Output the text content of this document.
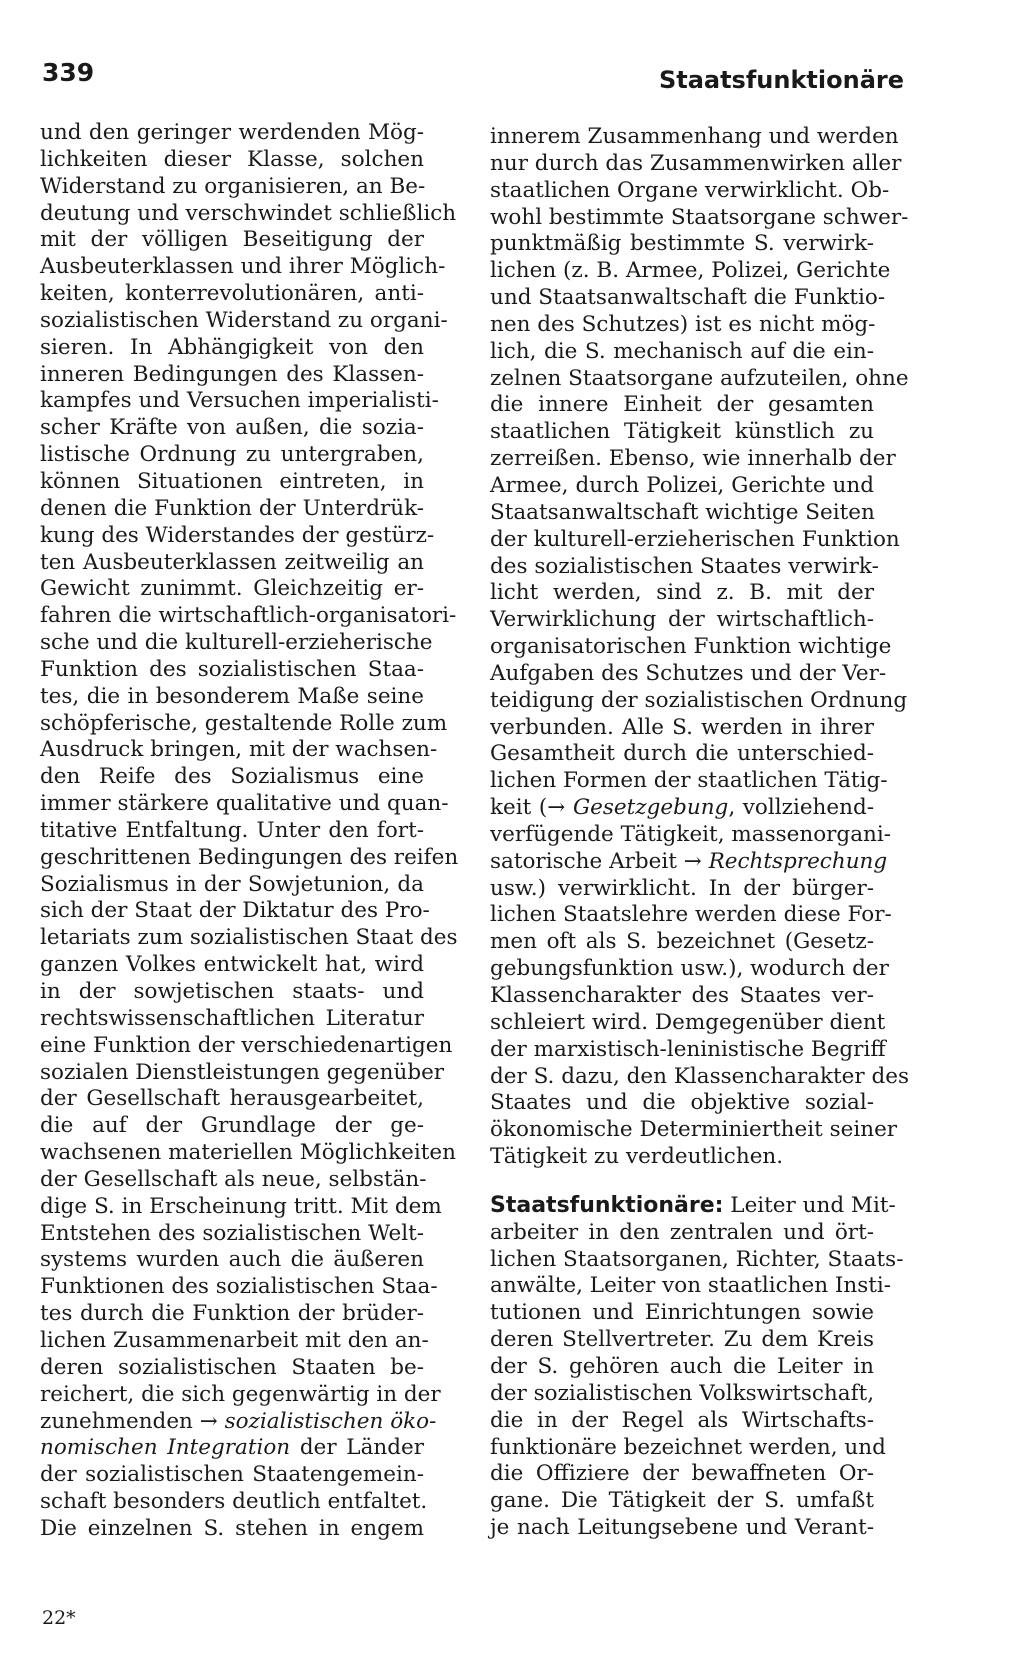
339	Staatsfunktionäre
und den geringer werdenden Mög-
lichkeiten dieser Klasse, solchen
Widerstand zu organisieren, an Be-
deutung und verschwindet schließlich
mit der völligen Beseitigung der
Ausbeuterklassen und ihrer Möglich-
keiten, konterrevolutionären, anti-
sozialistischen Widerstand zu organi-
sieren. In Abhängigkeit von den
inneren Bedingungen des Klassen-
kampfes und Versuchen imperialisti-
scher Kräfte von außen, die sozia-
listische Ordnung zu untergraben,
können Situationen eintreten, in
denen die Funktion der Unterdrük-
kung des Widerstandes der gestürz-
ten Ausbeuterklassen zeitweilig an
Gewicht zunimmt. Gleichzeitig er-
fahren die wirtschaftlich-organisatori-
sche und die kulturell-erzieherische
Funktion des sozialistischen Staa-
tes, die in besonderem Maße seine
schöpferische, gestaltende Rolle zum
Ausdruck bringen, mit der wachsen-
den Reife des Sozialismus eine
immer stärkere qualitative und quan-
titative Entfaltung. Unter den fort-
geschrittenen Bedingungen des reifen
Sozialismus in der Sowjetunion, da
sich der Staat der Diktatur des Pro-
letariats zum sozialistischen Staat des
ganzen Volkes entwickelt hat, wird
in der sowjetischen staats- und
rechtswissenschaftlichen Literatur
eine Funktion der verschiedenartigen
sozialen Dienstleistungen gegenüber
der Gesellschaft herausgearbeitet,
die auf der Grundlage der ge-
wachsenen materiellen Möglichkeiten
der Gesellschaft als neue, selbstän-
dige S. in Erscheinung tritt. Mit dem
Entstehen des sozialistischen Welt-
systems wurden auch die äußeren
Funktionen des sozialistischen Staa-
tes durch die Funktion der brüder-
lichen Zusammenarbeit mit den an-
deren sozialistischen Staaten be-
reichert, die sich gegenwärtig in der
zunehmenden → sozialistischen öko-
nomischen Integration der Länder
der sozialistischen Staatengemein-
schaft besonders deutlich entfaltet.
Die einzelnen S. stehen in engem
innerem Zusammenhang und werden
nur durch das Zusammenwirken aller
staatlichen Organe verwirklicht. Ob-
wohl bestimmte Staatsorgane schwer-
punktmäßig bestimmte S. verwirk-
lichen (z. B. Armee, Polizei, Gerichte
und Staatsanwaltschaft die Funktio-
nen des Schutzes) ist es nicht mög-
lich, die S. mechanisch auf die ein-
zelnen Staatsorgane aufzuteilen, ohne
die innere Einheit der gesamten
staatlichen Tätigkeit künstlich zu
zerreißen. Ebenso, wie innerhalb der
Armee, durch Polizei, Gerichte und
Staatsanwaltschaft wichtige Seiten
der kulturell-erzieherischen Funktion
des sozialistischen Staates verwirk-
licht werden, sind z. B. mit der
Verwirklichung der wirtschaftlich-
organisatorischen Funktion wichtige
Aufgaben des Schutzes und der Ver-
teidigung der sozialistischen Ordnung
verbunden. Alle S. werden in ihrer
Gesamtheit durch die unterschied-
lichen Formen der staatlichen Tätig-
keit (→ Gesetzgebung, vollziehend-
verfügende Tätigkeit, massenorgani-
satorische Arbeit → Rechtsprechung
usw.) verwirklicht. In der bürger-
lichen Staatslehre werden diese For-
men oft als S. bezeichnet (Gesetz-
gebungsfunktion usw.), wodurch der
Klassencharakter des Staates ver-
schleiert wird. Demgegenüber dient
der marxistisch-leninistische Begriff
der S. dazu, den Klassencharakter des
Staates und die objektive sozial-
ökonomische Determiniertheit seiner
Tätigkeit zu verdeutlichen.
Staatsfunktionäre: Leiter und Mit-
arbeiter in den zentralen und ört-
lichen Staatsorganen, Richter, Staats-
anwälte, Leiter von staatlichen Insti-
tutionen und Einrichtungen sowie
deren Stellvertreter. Zu dem Kreis
der S. gehören auch die Leiter in
der sozialistischen Volkswirtschaft,
die in der Regel als Wirtschafts-
funktionäre bezeichnet werden, und
die Offiziere der bewaffneten Or-
gane. Die Tätigkeit der S. umfaßt
je nach Leitungsebene und Verant-
22*
